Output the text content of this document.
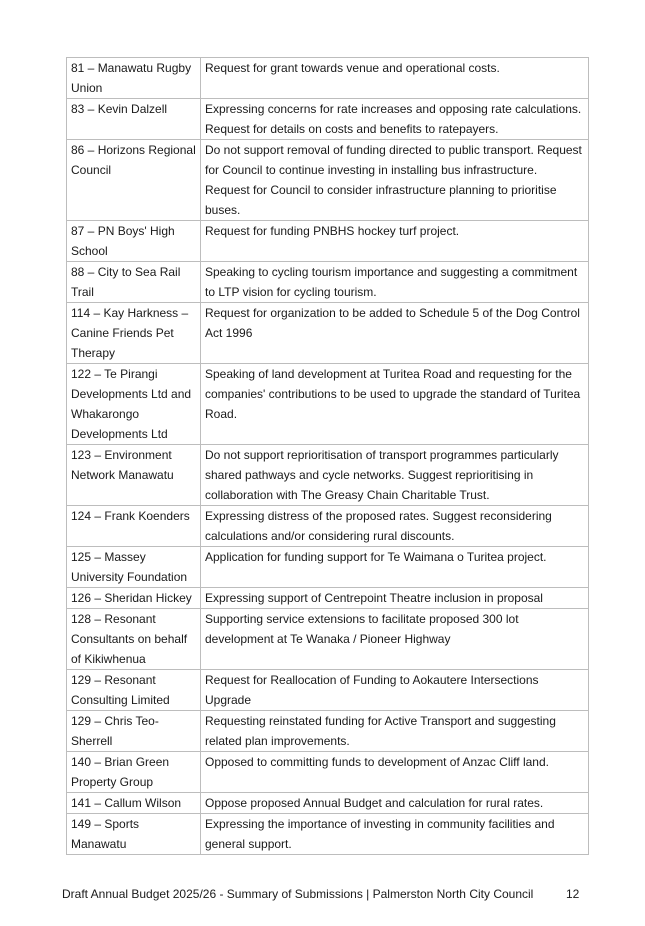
81 – Manawatu Rugby Union	Request for grant towards venue and operational costs.
83 – Kevin Dalzell	Expressing concerns for rate increases and opposing rate calculations. Request for details on costs and benefits to ratepayers.
86 – Horizons Regional Council	Do not support removal of funding directed to public transport. Request for Council to continue investing in installing bus infrastructure. Request for Council to consider infrastructure planning to prioritise buses.
87 – PN Boys' High School	Request for funding PNBHS hockey turf project.
88 – City to Sea Rail Trail	Speaking to cycling tourism importance and suggesting a commitment to LTP vision for cycling tourism.
114 – Kay Harkness – Canine Friends Pet Therapy	Request for organization to be added to Schedule 5 of the Dog Control Act 1996
122 – Te Pirangi Developments Ltd and Whakarongo Developments Ltd	Speaking of land development at Turitea Road and requesting for the companies' contributions to be used to upgrade the standard of Turitea Road.
123 – Environment Network Manawatu	Do not support reprioritisation of transport programmes particularly shared pathways and cycle networks. Suggest reprioritising in collaboration with The Greasy Chain Charitable Trust.
124 – Frank Koenders	Expressing distress of the proposed rates. Suggest reconsidering calculations and/or considering rural discounts.
125 – Massey University Foundation	Application for funding support for Te Waimana o Turitea project.
126 – Sheridan Hickey	Expressing support of Centrepoint Theatre inclusion in proposal
128 – Resonant Consultants on behalf of Kikiwhenua	Supporting service extensions to facilitate proposed 300 lot development at Te Wanaka / Pioneer Highway
129 – Resonant Consulting Limited	Request for Reallocation of Funding to Aokautere Intersections Upgrade
129 – Chris Teo-Sherrell	Requesting reinstated funding for Active Transport and suggesting related plan improvements.
140 – Brian Green Property Group	Opposed to committing funds to development of Anzac Cliff land.
141 – Callum Wilson	Oppose proposed Annual Budget and calculation for rural rates.
149 – Sports Manawatu	Expressing the importance of investing in community facilities and general support.
Draft Annual Budget 2025/26 - Summary of Submissions | Palmerston North City Council	12
